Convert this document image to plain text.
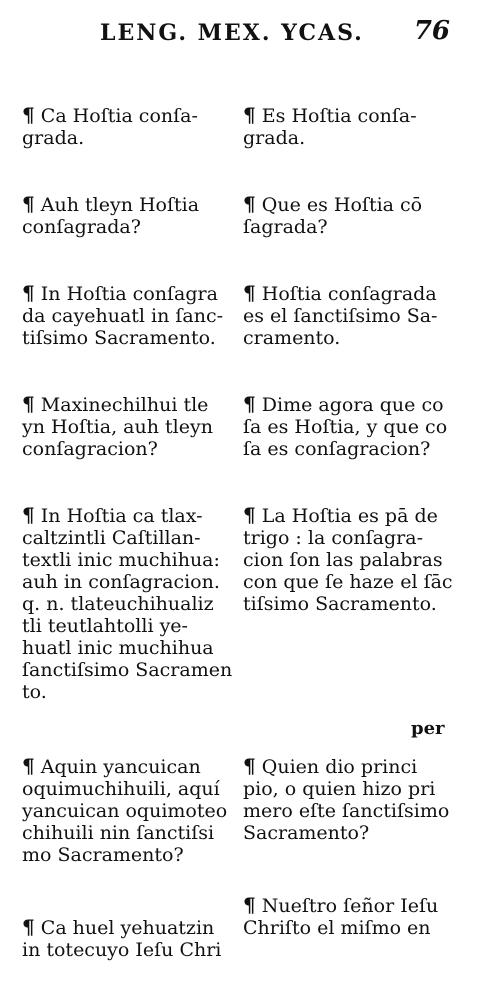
LENG. MEX. YCAS. 76

¶ Ca Hoſtia conſa-
grada.

¶ Auh tleyn Hoſtia
conſagrada?

¶ In Hoſtia conſagra
da cayehuatl in ſanc-
tiſsimo Sacramento.

¶ Maxinechilhui tle
yn Hoſtia, auh tleyn
conſagracion?

¶ In Hoſtia ca tlax-
caltzintli Caſtillan-
textli inic muchihua:
auh in conſagracion.
q. n. tlateuchihualiz
tli teutlahtolli ye-
huatl inic muchihua
ſanctiſsimo Sacramen
to.

¶ Aquin yancuican
oquimuchihuili, aquí
yancuican oquimoteo
chihuili nin ſanctiſsi
mo Sacramento?

¶ Ca huel yehuatzin
in totecuyo Ieſu Chri

¶ Es Hoſtia conſa-
grada.

¶ Que es Hoſtia cō
ſagrada?

¶ Hoſtia conſagrada
es el ſanctiſsimo Sa-
cramento.

¶ Dime agora que co
ſa es Hoſtia, y que co
ſa es conſagracion?

¶ La Hoſtia es pā de
trigo : la conſagra-
cion ſon las palabras
con que ſe haze el ſāc
tiſsimo Sacramento.

¶ Quien dio princi
pio, o quien hizo pri
mero eſte ſanctiſsimo
Sacramento?

¶ Nueſtro ſeñor Ieſu
Chriſto el miſmo en

per
